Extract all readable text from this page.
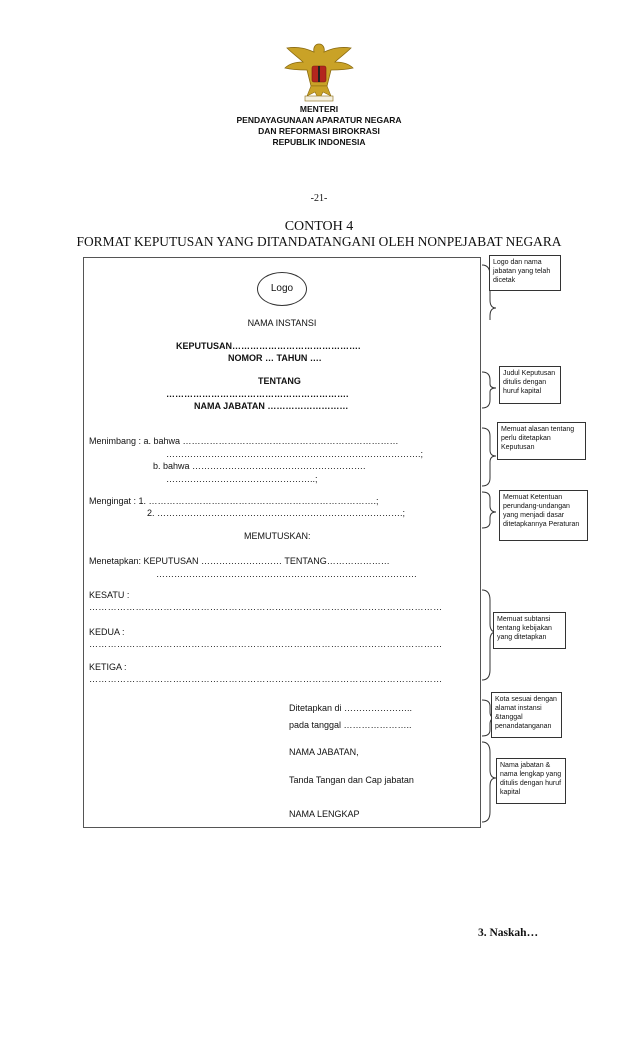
MENTERI
PENDAYAGUNAAN APARATUR NEGARA
DAN REFORMASI BIROKRASI
REPUBLIK INDONESIA
-21-
CONTOH 4
FORMAT KEPUTUSAN YANG DITANDATANGANI OLEH NONPEJABAT NEGARA
Logo
NAMA INSTANSI
KEPUTUSAN…………………………………….
NOMOR … TAHUN ….
TENTANG
…………………………………………………….
NAMA JABATAN ………………………
Menimbang : a. bahwa ………………………………………………………………
………………………………………………………………………….;
b. bahwa ………………………………………………….
…………………………………………..;
Mengingat : 1. ………………………………………………………………….;
2. ……………………………………………………………………….;
MEMUTUSKAN:
Menetapkan: KEPUTUSAN ……………………… TENTANG…………………
……………………………………………………………………………
KESATU :
……………………………………………………………………………………………………
KEDUA :
……………………………………………………………………………………………………
KETIGA :
……………………………………………………………………………………………………
Ditetapkan di …………………..
pada tanggal …………………..
NAMA JABATAN,
Tanda Tangan dan Cap jabatan
NAMA LENGKAP
Logo dan nama jabatan yang telah dicetak
Judul Keputusan ditulis dengan huruf kapital
Memuat alasan tentang perlu ditetapkan Keputusan
Memuat Ketentuan perundang-undangan yang menjadi dasar ditetapkannya Peraturan
Memuat subtansi tentang kebijakan yang ditetapkan
Kota sesuai dengan alamat instansi &tanggal penandatanganan
Nama jabatan & nama lengkap yang ditulis dengan huruf kapital
3. Naskah…
